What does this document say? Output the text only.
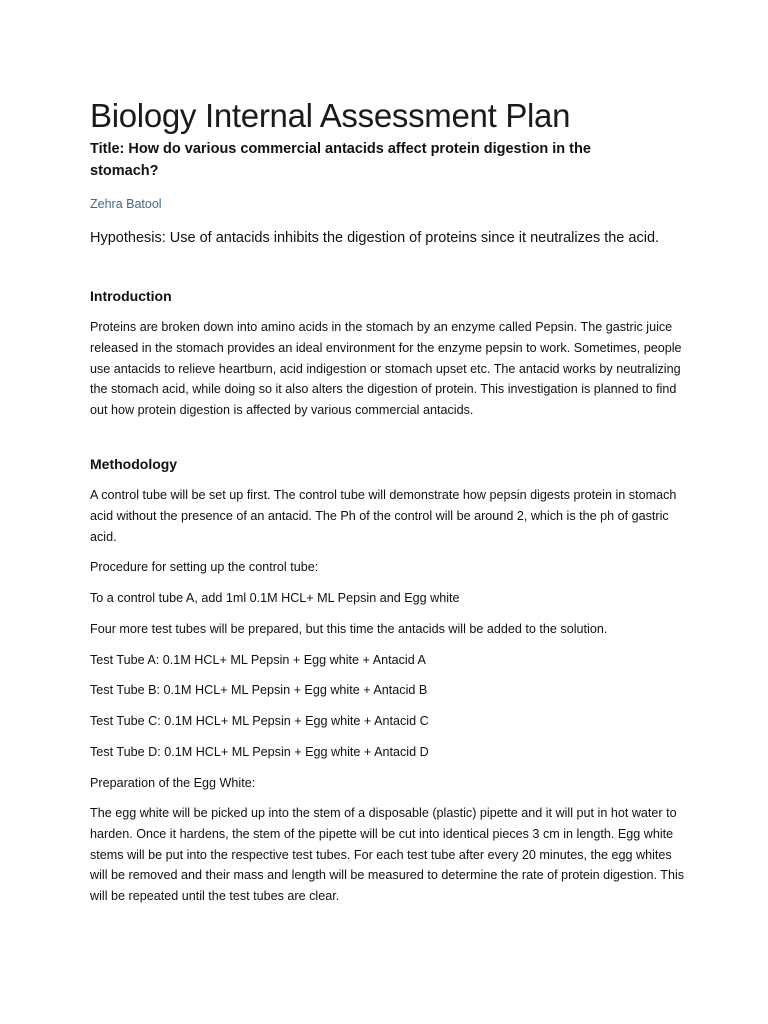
Biology Internal Assessment Plan

Title: How do various commercial antacids affect protein digestion in the stomach?

Zehra Batool

Hypothesis: Use of antacids inhibits the digestion of proteins since it neutralizes the acid.

Introduction

Proteins are broken down into amino acids in the stomach by an enzyme called Pepsin. The gastric juice released in the stomach provides an ideal environment for the enzyme pepsin to work. Sometimes, people use antacids to relieve heartburn, acid indigestion or stomach upset etc. The antacid works by neutralizing the stomach acid, while doing so it also alters the digestion of protein. This investigation is planned to find out how protein digestion is affected by various commercial antacids.

Methodology

A control tube will be set up first. The control tube will demonstrate how pepsin digests protein in stomach acid without the presence of an antacid. The Ph of the control will be around 2, which is the ph of gastric acid.

Procedure for setting up the control tube:

To a control tube A, add 1ml 0.1M HCL+ ML Pepsin and Egg white

Four more test tubes will be prepared, but this time the antacids will be added to the solution.

Test Tube A: 0.1M HCL+ ML Pepsin + Egg white + Antacid A

Test Tube B: 0.1M HCL+ ML Pepsin + Egg white + Antacid B

Test Tube C: 0.1M HCL+ ML Pepsin + Egg white + Antacid C

Test Tube D: 0.1M HCL+ ML Pepsin + Egg white + Antacid D

Preparation of the Egg White:

The egg white will be picked up into the stem of a disposable (plastic) pipette and it will put in hot water to harden. Once it hardens, the stem of the pipette will be cut into identical pieces 3 cm in length. Egg white stems will be put into the respective test tubes. For each test tube after every 20 minutes, the egg whites will be removed and their mass and length will be measured to determine the rate of protein digestion. This will be repeated until the test tubes are clear.
